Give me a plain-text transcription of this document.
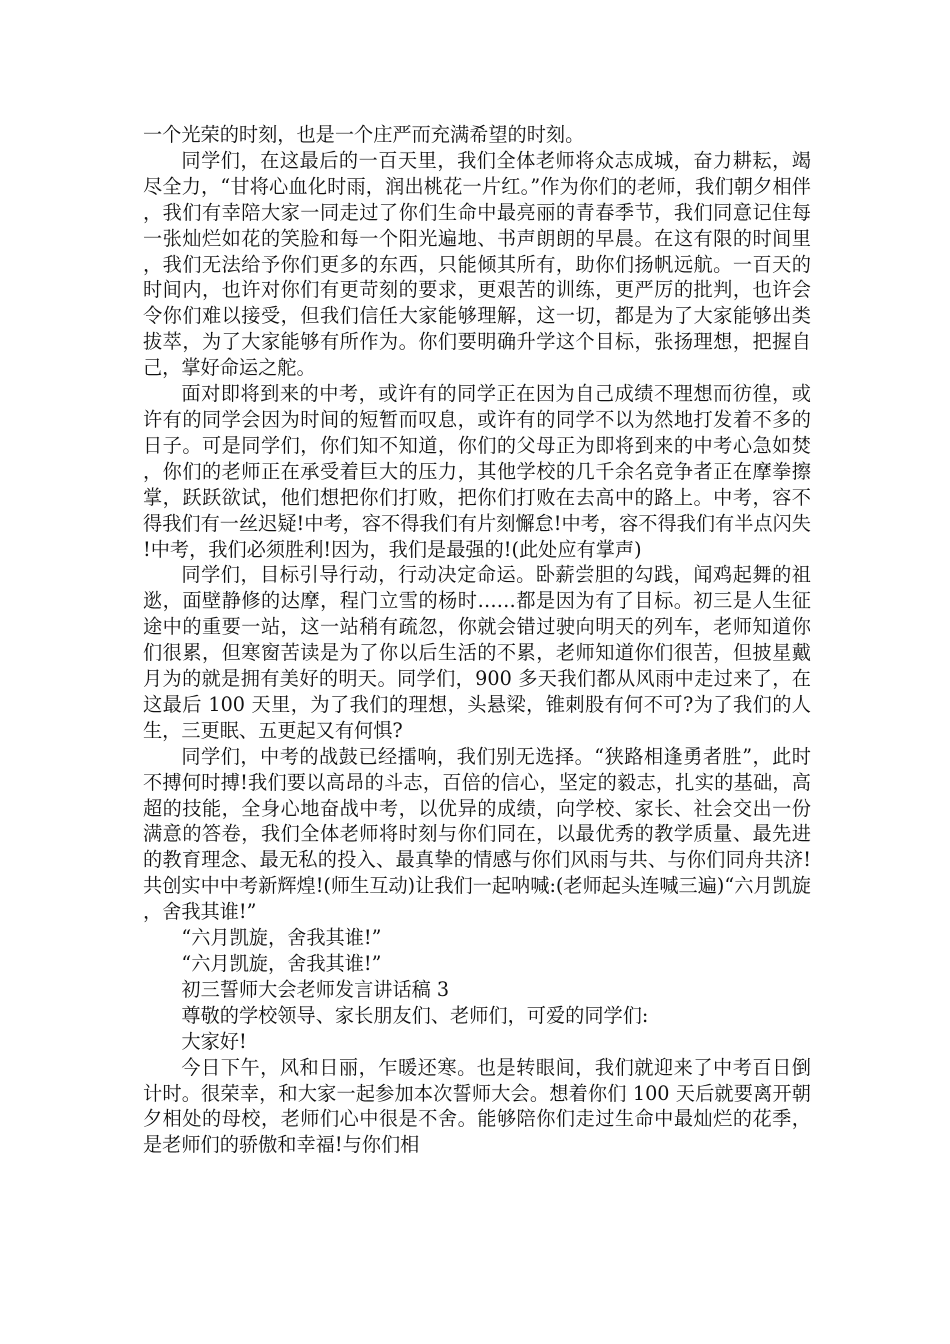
一个光荣的时刻，也是一个庄严而充满希望的时刻。

同学们，在这最后的一百天里，我们全体老师将众志成城，奋力耕耘，竭尽全力，“甘将心血化时雨，润出桃花一片红。”作为你们的老师，我们朝夕相伴，我们有幸陪大家一同走过了你们生命中最亮丽的青春季节，我们同意记住每一张灿烂如花的笑脸和每一个阳光遍地、书声朗朗的早晨。在这有限的时间里，我们无法给予你们更多的东西，只能倾其所有，助你们扬帆远航。一百天的时间内，也许对你们有更苛刻的要求，更艰苦的训练，更严厉的批判，也许会令你们难以接受，但我们信任大家能够理解，这一切，都是为了大家能够出类拔萃，为了大家能够有所作为。你们要明确升学这个目标，张扬理想，把握自己，掌好命运之舵。

面对即将到来的中考，或许有的同学正在因为自己成绩不理想而彷徨，或许有的同学会因为时间的短暂而叹息，或许有的同学不以为然地打发着不多的日子。可是同学们，你们知不知道，你们的父母正为即将到来的中考心急如焚，你们的老师正在承受着巨大的压力，其他学校的几千余名竞争者正在摩拳擦掌，跃跃欲试，他们想把你们打败，把你们打败在去高中的路上。中考，容不得我们有一丝迟疑!中考，容不得我们有片刻懈怠!中考，容不得我们有半点闪失!中考，我们必须胜利!因为，我们是最强的!(此处应有掌声)

同学们，目标引导行动，行动决定命运。卧薪尝胆的勾践，闻鸡起舞的祖逖，面壁静修的达摩，程门立雪的杨时……都是因为有了目标。初三是人生征途中的重要一站，这一站稍有疏忽，你就会错过驶向明天的列车，老师知道你们很累，但寒窗苦读是为了你以后生活的不累，老师知道你们很苦，但披星戴月为的就是拥有美好的明天。同学们，900 多天我们都从风雨中走过来了，在这最后 100 天里，为了我们的理想，头悬梁，锥刺股有何不可?为了我们的人生，三更眠、五更起又有何惧?

同学们，中考的战鼓已经擂响，我们别无选择。“狭路相逢勇者胜”，此时不搏何时搏!我们要以高昂的斗志，百倍的信心，坚定的毅志，扎实的基础，高超的技能，全身心地奋战中考，以优异的成绩，向学校、家长、社会交出一份满意的答卷，我们全体老师将时刻与你们同在，以最优秀的教学质量、最先进的教育理念、最无私的投入、最真挚的情感与你们风雨与共、与你们同舟共济!共创实中中考新辉煌!(师生互动)让我们一起呐喊:(老师起头连喊三遍)“六月凯旋，舍我其谁!”

“六月凯旋，舍我其谁!”

“六月凯旋，舍我其谁!”

初三誓师大会老师发言讲话稿 3

尊敬的学校领导、家长朋友们、老师们，可爱的同学们:

大家好!

今日下午，风和日丽，乍暖还寒。也是转眼间，我们就迎来了中考百日倒计时。很荣幸，和大家一起参加本次誓师大会。想着你们 100 天后就要离开朝夕相处的母校，老师们心中很是不舍。能够陪你们走过生命中最灿烂的花季，是老师们的骄傲和幸福!与你们相
